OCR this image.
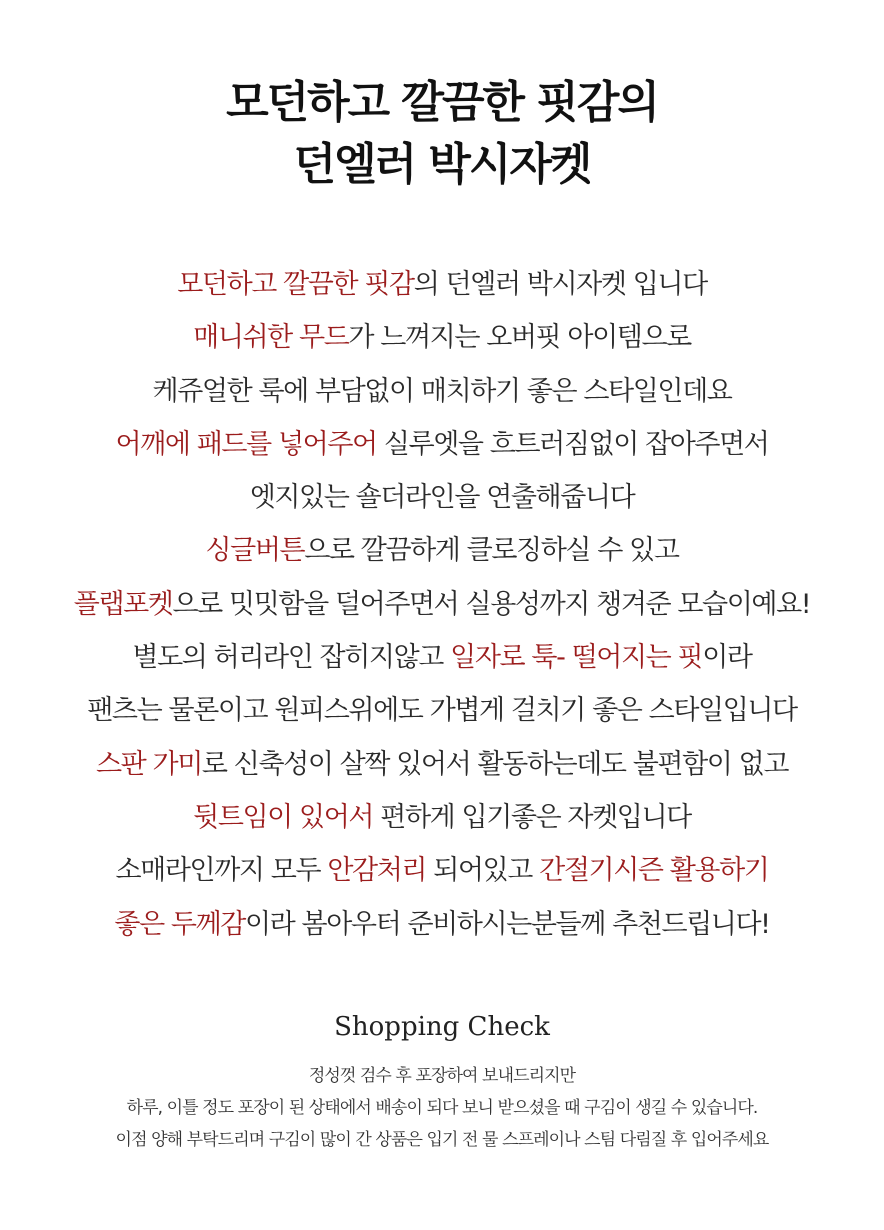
모던하고 깔끔한 핏감의
던엘러 박시자켓
모던하고 깔끔한 핏감의 던엘러 박시자켓 입니다
매니쉬한 무드가 느껴지는 오버핏 아이템으로
케쥬얼한 룩에 부담없이 매치하기 좋은 스타일인데요
어깨에 패드를 넣어주어 실루엣을 흐트러짐없이 잡아주면서
엣지있는 숄더라인을 연출해줍니다
싱글버튼으로 깔끔하게 클로징하실 수 있고
플랩포켓으로 밋밋함을 덜어주면서 실용성까지 챙겨준 모습이예요!
별도의 허리라인 잡히지않고 일자로 툭- 떨어지는 핏이라
팬츠는 물론이고 원피스위에도 가볍게 걸치기 좋은 스타일입니다
스판 가미로 신축성이 살짝 있어서 활동하는데도 불편함이 없고
뒷트임이 있어서 편하게 입기좋은 자켓입니다
소매라인까지 모두 안감처리 되어있고 간절기시즌 활용하기
좋은 두께감이라 봄아우터 준비하시는분들께 추천드립니다!
Shopping Check
정성껏 검수 후 포장하여 보내드리지만
하루, 이틀 정도 포장이 된 상태에서 배송이 되다 보니 받으셨을 때 구김이 생길 수 있습니다.
이점 양해 부탁드리며 구김이 많이 간 상품은 입기 전 물 스프레이나 스팀 다림질 후 입어주세요
